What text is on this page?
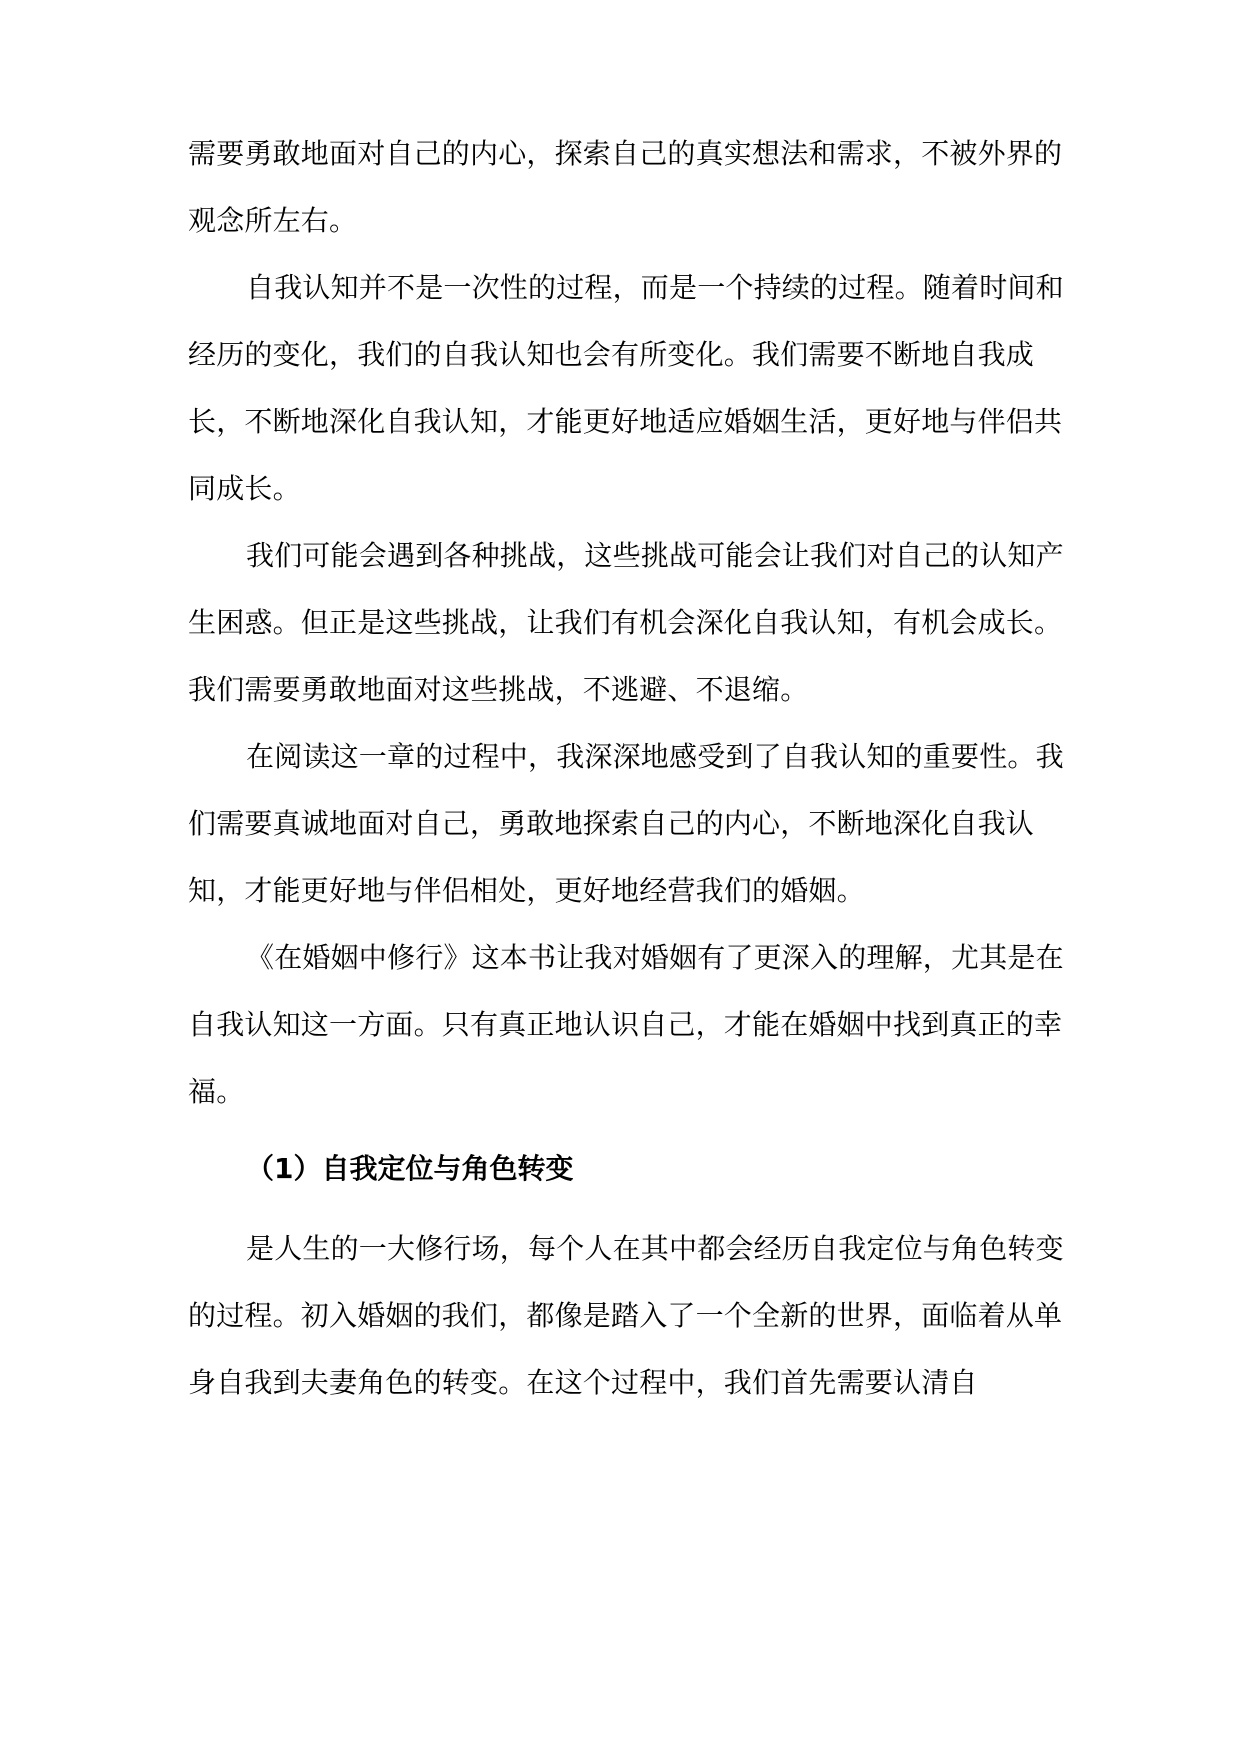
需要勇敢地面对自己的内心，探索自己的真实想法和需求，不被外界的观念所左右。

自我认知并不是一次性的过程，而是一个持续的过程。随着时间和经历的变化，我们的自我认知也会有所变化。我们需要不断地自我成长，不断地深化自我认知，才能更好地适应婚姻生活，更好地与伴侣共同成长。

我们可能会遇到各种挑战，这些挑战可能会让我们对自己的认知产生困惑。但正是这些挑战，让我们有机会深化自我认知，有机会成长。我们需要勇敢地面对这些挑战，不逃避、不退缩。

在阅读这一章的过程中，我深深地感受到了自我认知的重要性。我们需要真诚地面对自己，勇敢地探索自己的内心，不断地深化自我认知，才能更好地与伴侣相处，更好地经营我们的婚姻。

《在婚姻中修行》这本书让我对婚姻有了更深入的理解，尤其是在自我认知这一方面。只有真正地认识自己，才能在婚姻中找到真正的幸福。

（1）自我定位与角色转变

是人生的一大修行场，每个人在其中都会经历自我定位与角色转变的过程。初入婚姻的我们，都像是踏入了一个全新的世界，面临着从单身自我到夫妻角色的转变。在这个过程中，我们首先需要认清自
